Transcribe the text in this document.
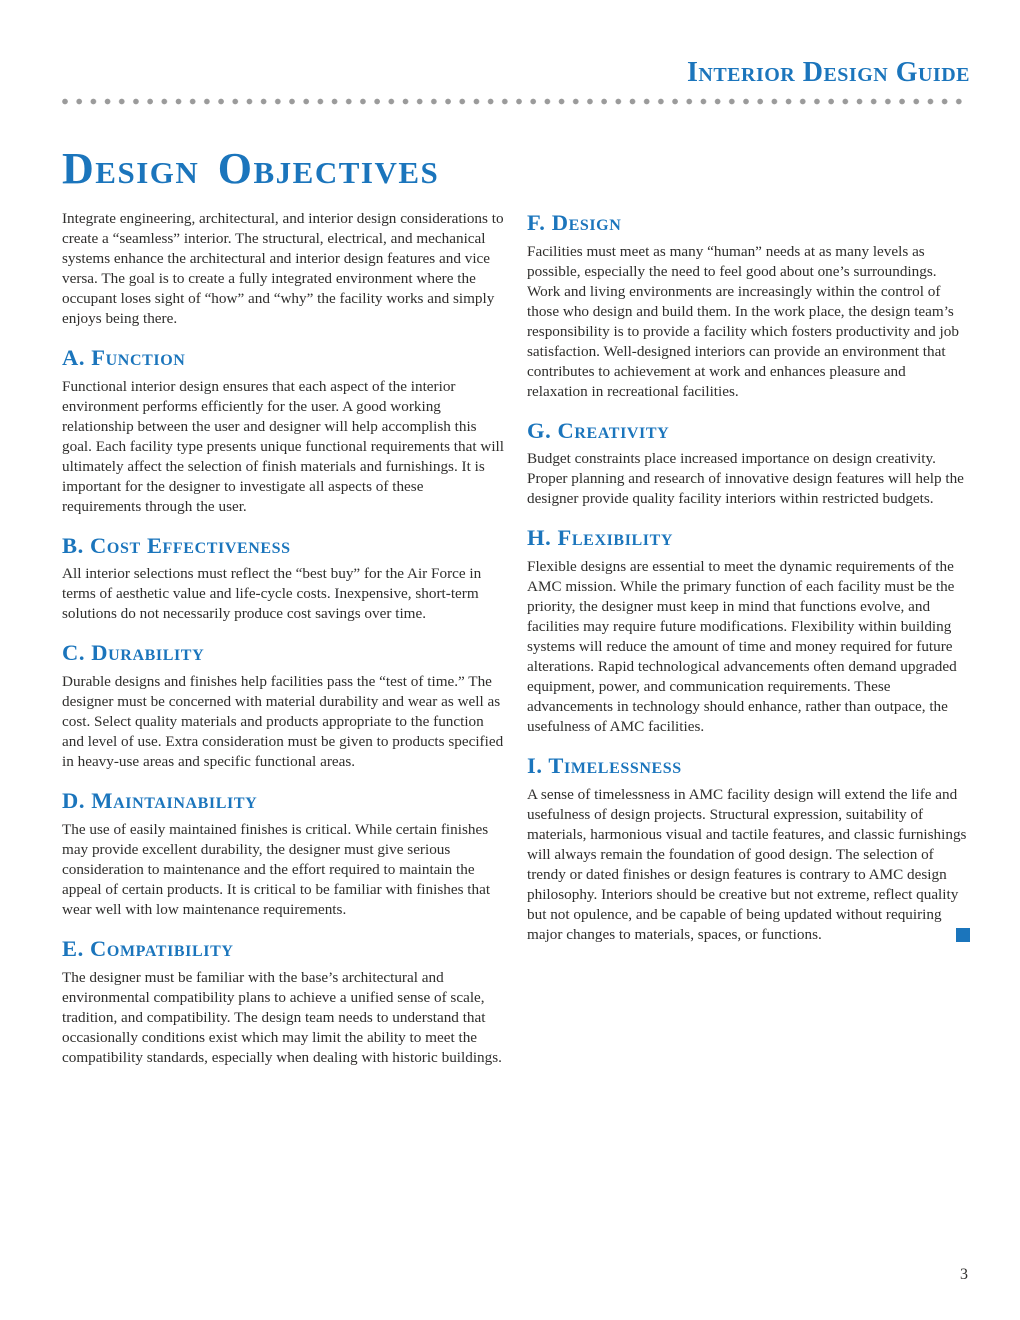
Interior Design Guide
Design Objectives

Integrate engineering, architectural, and interior design considerations to create a “seamless” interior. The structural, electrical, and mechanical systems enhance the architectural and interior design features and vice versa. The goal is to create a fully integrated environment where the occupant loses sight of “how” and “why” the facility works and simply enjoys being there.

A. Function

Functional interior design ensures that each aspect of the interior environment performs efficiently for the user. A good working relationship between the user and designer will help accomplish this goal. Each facility type presents unique functional requirements that will ultimately affect the selection of finish materials and furnishings. It is important for the designer to investigate all aspects of these requirements through the user.

B. Cost Effectiveness

All interior selections must reflect the “best buy” for the Air Force in terms of aesthetic value and life-cycle costs. Inexpensive, short-term solutions do not necessarily produce cost savings over time.

C. Durability

Durable designs and finishes help facilities pass the “test of time.” The designer must be concerned with material durability and wear as well as cost. Select quality materials and products appropriate to the function and level of use. Extra consideration must be given to products specified in heavy-use areas and specific functional areas.

D. Maintainability

The use of easily maintained finishes is critical. While certain finishes may provide excellent durability, the designer must give serious consideration to maintenance and the effort required to maintain the appeal of certain products. It is critical to be familiar with finishes that wear well with low maintenance requirements.

E. Compatibility

The designer must be familiar with the base’s architectural and environmental compatibility plans to achieve a unified sense of scale, tradition, and compatibility. The design team needs to understand that occasionally conditions exist which may limit the ability to meet the compatibility standards, especially when dealing with historic buildings.

F. Design

Facilities must meet as many “human” needs at as many levels as possible, especially the need to feel good about one’s surroundings. Work and living environments are increasingly within the control of those who design and build them. In the work place, the design team’s responsibility is to provide a facility which fosters productivity and job satisfaction. Well-designed interiors can provide an environment that contributes to achievement at work and enhances pleasure and relaxation in recreational facilities.

G. Creativity

Budget constraints place increased importance on design creativity. Proper planning and research of innovative design features will help the designer provide quality facility interiors within restricted budgets.

H. Flexibility

Flexible designs are essential to meet the dynamic requirements of the AMC mission. While the primary function of each facility must be the priority, the designer must keep in mind that functions evolve, and facilities may require future modifications. Flexibility within building systems will reduce the amount of time and money required for future alterations. Rapid technological advancements often demand upgraded equipment, power, and communication requirements. These advancements in technology should enhance, rather than outpace, the usefulness of AMC facilities.

I. Timelessness

A sense of timelessness in AMC facility design will extend the life and usefulness of design projects. Structural expression, suitability of materials, harmonious visual and tactile features, and classic furnishings will always remain the foundation of good design. The selection of trendy or dated finishes or design features is contrary to AMC design philosophy. Interiors should be creative but not extreme, reflect quality but not opulence, and be capable of being updated without requiring major changes to materials, spaces, or functions.

3
